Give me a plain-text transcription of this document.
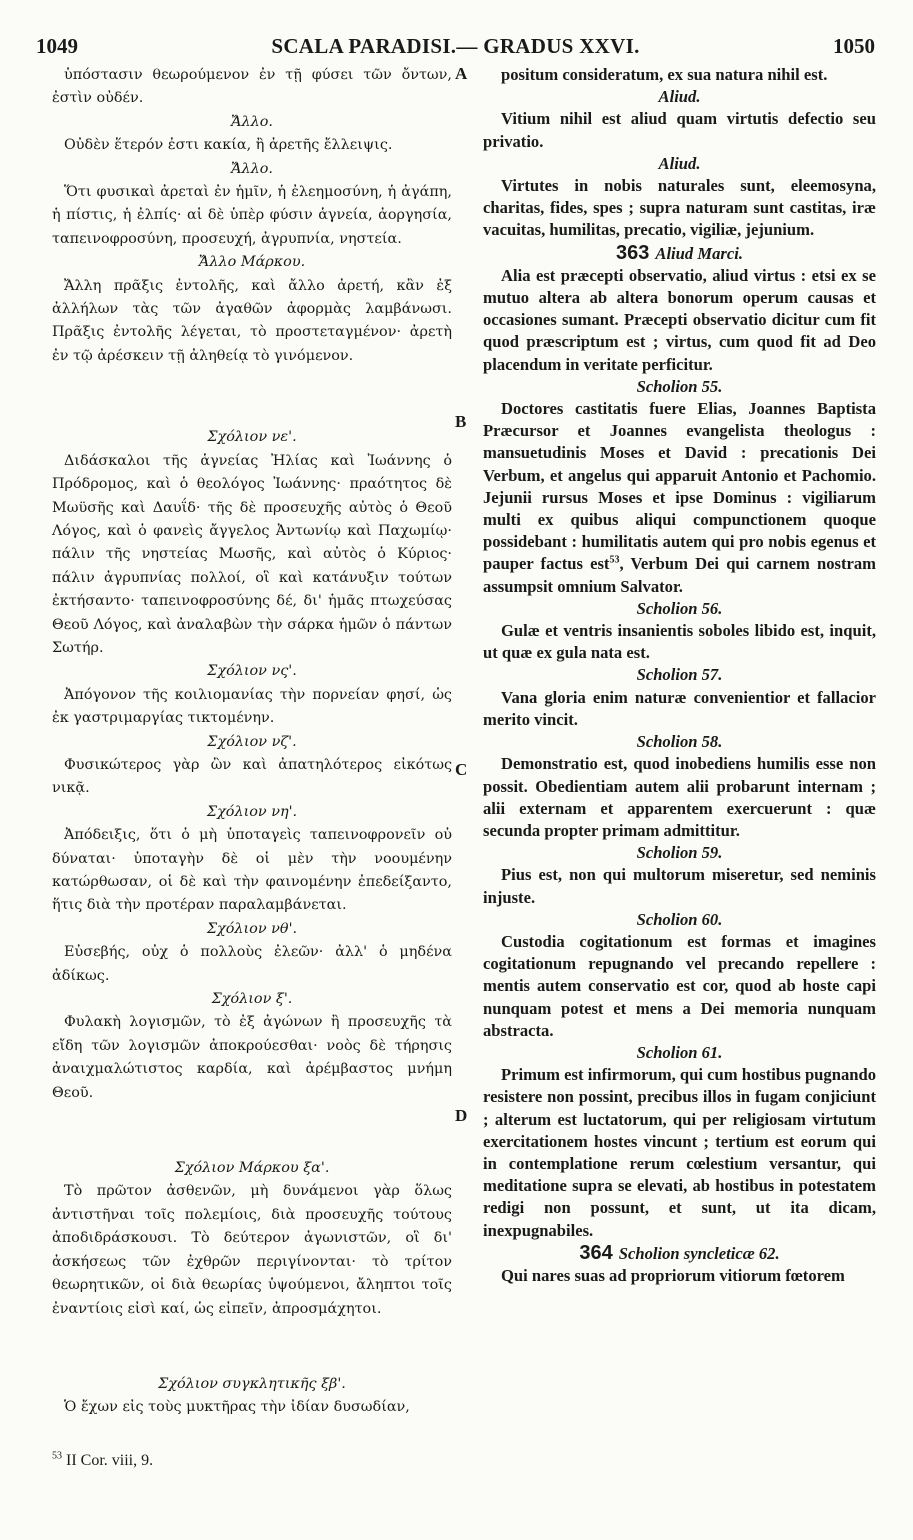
1049	SCALA PARADISI.— GRADUS XXVI.	1050

ὑπόστασιν θεωρούμενον ἐν τῇ φύσει τῶν ὄντων, ἐστὶν οὐδέν.

Ἄλλο.

Οὐδὲν ἕτερόν ἐστι κακία, ἢ ἀρετῆς ἔλλειψις.

Ἄλλο.

Ὅτι φυσικαὶ ἀρεταὶ ἐν ἡμῖν, ἡ ἐλεημοσύνη, ἡ ἀγάπη, ἡ πίστις, ἡ ἐλπίς· αἱ δὲ ὑπὲρ φύσιν ἁγνεία, ἀοργησία, ταπεινοφροσύνη, προσευχή, ἀγρυπνία, νηστεία.

Ἄλλο Μάρκου.

Ἄλλη πρᾶξις ἐντολῆς, καὶ ἄλλο ἀρετή, κἂν ἐξ ἀλλήλων τὰς τῶν ἀγαθῶν ἀφορμὰς λαμβάνωσι. Πρᾶξις ἐντολῆς λέγεται, τὸ προστεταγμένον· ἀρετὴ ἐν τῷ ἀρέσκειν τῇ ἀληθείᾳ τὸ γινόμενον.

Σχόλιον νε'.

Διδάσκαλοι τῆς ἁγνείας Ἠλίας καὶ Ἰωάννης ὁ Πρόδρομος, καὶ ὁ θεολόγος Ἰωάννης· πραότητος δὲ Μωϋσῆς καὶ Δαυΐδ· τῆς δὲ προσευχῆς αὐτὸς ὁ Θεοῦ Λόγος, καὶ ὁ φανεὶς ἄγγελος Ἀντωνίῳ καὶ Παχωμίῳ· πάλιν τῆς νηστείας Μωσῆς, καὶ αὐτὸς ὁ Κύριος· πάλιν ἀγρυπνίας πολλοί, οἳ καὶ κατάνυξιν τούτων ἐκτήσαντο· ταπεινοφροσύνης δέ, δι' ἡμᾶς πτωχεύσας Θεοῦ Λόγος, καὶ ἀναλαβὼν τὴν σάρκα ἡμῶν ὁ πάντων Σωτήρ.

Σχόλιον νς'.

Ἀπόγονον τῆς κοιλιομανίας τὴν πορνείαν φησί, ὡς ἐκ γαστριμαργίας τικτομένην.

Σχόλιον νζ'.

Φυσικώτερος γὰρ ὢν καὶ ἀπατηλότερος εἰκότως νικᾷ.

Σχόλιον νη'.

Ἀπόδειξις, ὅτι ὁ μὴ ὑποταγεὶς ταπεινοφρονεῖν οὐ δύναται· ὑποταγὴν δὲ οἱ μὲν τὴν νοουμένην κατώρθωσαν, οἱ δὲ καὶ τὴν φαινομένην ἐπεδείξαντο, ἥτις διὰ τὴν προτέραν παραλαμβάνεται.

Σχόλιον νθ'.

Εὐσεβής, οὐχ ὁ πολλοὺς ἐλεῶν· ἀλλ' ὁ μηδένα ἀδίκως.

Σχόλιον ξ'.

Φυλακὴ λογισμῶν, τὸ ἐξ ἀγώνων ἢ προσευχῆς τὰ εἴδη τῶν λογισμῶν ἀποκρούεσθαι· νοὸς δὲ τήρησις ἀναιχμαλώτιστος καρδία, καὶ ἀρέμβαστος μνήμη Θεοῦ.

Σχόλιον Μάρκου ξα'.

Τὸ πρῶτον ἀσθενῶν, μὴ δυνάμενοι γὰρ ὅλως ἀντιστῆναι τοῖς πολεμίοις, διὰ προσευχῆς τούτους ἀποδιδράσκουσι. Τὸ δεύτερον ἀγωνιστῶν, οἳ δι' ἀσκήσεως τῶν ἐχθρῶν περιγίνονται· τὸ τρίτον θεωρητικῶν, οἱ διὰ θεωρίας ὑψούμενοι, ἄληπτοι τοῖς ἐναντίοις εἰσὶ καί, ὡς εἰπεῖν, ἀπροσμάχητοι.

Σχόλιον συγκλητικῆς ξβ'.

Ὁ ἔχων εἰς τοὺς μυκτῆρας τὴν ἰδίαν δυσωδίαν,

A
B
C
D

positum consideratum, ex sua natura nihil est.

Aliud.

Vitium nihil est aliud quam virtutis defectio seu privatio.

Aliud.

Virtutes in nobis naturales sunt, eleemosyna, charitas, fides, spes ; supra naturam sunt castitas, iræ vacuitas, humilitas, precatio, vigiliæ, jejunium.

363 Aliud Marci.

Alia est præcepti observatio, aliud virtus : etsi ex se mutuo altera ab altera bonorum operum causas et occasiones sumant. Præcepti observatio dicitur cum fit quod præscriptum est ; virtus, cum quod fit ad Deo placendum in veritate perficitur.

Scholion 55.

Doctores castitatis fuere Elias, Joannes Baptista Præcursor et Joannes evangelista theologus : mansuetudinis Moses et David : precationis Dei Verbum, et angelus qui apparuit Antonio et Pachomio. Jejunii rursus Moses et ipse Dominus : vigiliarum multi ex quibus aliqui compunctionem quoque possidebant : humilitatis autem qui pro nobis egenus et pauper factus est$^{53}$, Verbum Dei qui carnem nostram assumpsit omnium Salvator.

Scholion 56.

Gulæ et ventris insanientis soboles libido est, inquit, ut quæ ex gula nata est.

Scholion 57.

Vana gloria enim naturæ convenientior et fallacior merito vincit.

Scholion 58.

Demonstratio est, quod inobediens humilis esse non possit. Obedientiam autem alii probarunt internam ; alii externam et apparentem exercuerunt : quæ secunda propter primam admittitur.

Scholion 59.

Pius est, non qui multorum miseretur, sed neminis injuste.

Scholion 60.

Custodia cogitationum est formas et imagines cogitationum repugnando vel precando repellere : mentis autem conservatio est cor, quod ab hoste capi nunquam potest et mens a Dei memoria nunquam abstracta.

Scholion 61.

Primum est infirmorum, qui cum hostibus pugnando resistere non possint, precibus illos in fugam conjiciunt ; alterum est luctatorum, qui per religiosam virtutum exercitationem hostes vincunt ; tertium est eorum qui in contemplatione rerum cœlestium versantur, qui meditatione supra se elevati, ab hostibus in potestatem redigi non possunt, et sunt, ut ita dicam, inexpugnabiles.

364 Scholion syncleticæ 62.

Qui nares suas ad propriorum vitiorum fœtorem

$^{53}$ II Cor. viii, 9.
